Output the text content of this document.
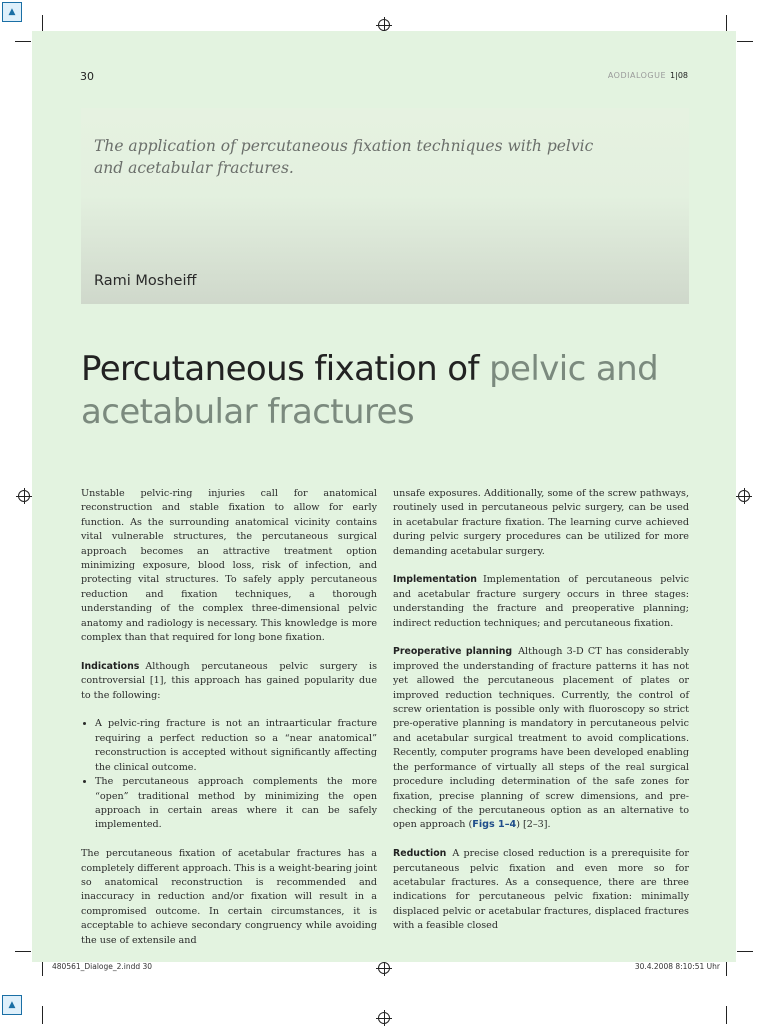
▲
▲
30	AODIALOGUE 1|08
The application of percutaneous fixation techniques with pelvic and acetabular fractures.
Rami Mosheiff
Percutaneous fixation of pelvic and acetabular fractures

Unstable pelvic-ring injuries call for anatomical reconstruction and stable fixation to allow for early function. As the surrounding anatomical vicinity contains vital vulnerable structures, the percutaneous surgical approach becomes an attractive treatment option minimizing exposure, blood loss, risk of infection, and protecting vital structures. To safely apply percutaneous reduction and fixation techniques, a thorough understanding of the complex three-dimensional pelvic anatomy and radiology is necessary. This knowledge is more complex than that required for long bone fixation.

Indications Although percutaneous pelvic surgery is controversial [1], this approach has gained popularity due to the following:

• A pelvic-ring fracture is not an intraarticular fracture requiring a perfect reduction so a “near anatomical” reconstruction is accepted without significantly affecting the clinical outcome.
• The percutaneous approach complements the more “open” traditional method by minimizing the open approach in certain areas where it can be safely implemented.

The percutaneous fixation of acetabular fractures has a completely different approach. This is a weight-bearing joint so anatomical reconstruction is recommended and inaccuracy in reduction and/or fixation will result in a compromised outcome. In certain circumstances, it is acceptable to achieve secondary congruency while avoiding the use of extensile and

unsafe exposures. Additionally, some of the screw pathways, routinely used in percutaneous pelvic surgery, can be used in acetabular fracture fixation. The learning curve achieved during pelvic surgery procedures can be utilized for more demanding acetabular surgery.

Implementation Implementation of percutaneous pelvic and acetabular fracture surgery occurs in three stages: understanding the fracture and preoperative planning; indirect reduction techniques; and percutaneous fixation.

Preoperative planning Although 3-D CT has considerably improved the understanding of fracture patterns it has not yet allowed the percutaneous placement of plates or improved reduction techniques. Currently, the control of screw orientation is possible only with fluoroscopy so strict pre-operative planning is mandatory in percutaneous pelvic and acetabular surgical treatment to avoid complications. Recently, computer programs have been developed enabling the performance of virtually all steps of the real surgical procedure including determination of the safe zones for fixation, precise planning of screw dimensions, and pre-checking of the percutaneous option as an alternative to open approach (Figs 1–4) [2–3].

Reduction A precise closed reduction is a prerequisite for percutaneous pelvic fixation and even more so for acetabular fractures. As a consequence, there are three indications for percutaneous pelvic fixation: minimally displaced pelvic or acetabular fractures, displaced fractures with a feasible closed

480561_Dialoge_2.indd 30	30.4.2008 8:10:51 Uhr
